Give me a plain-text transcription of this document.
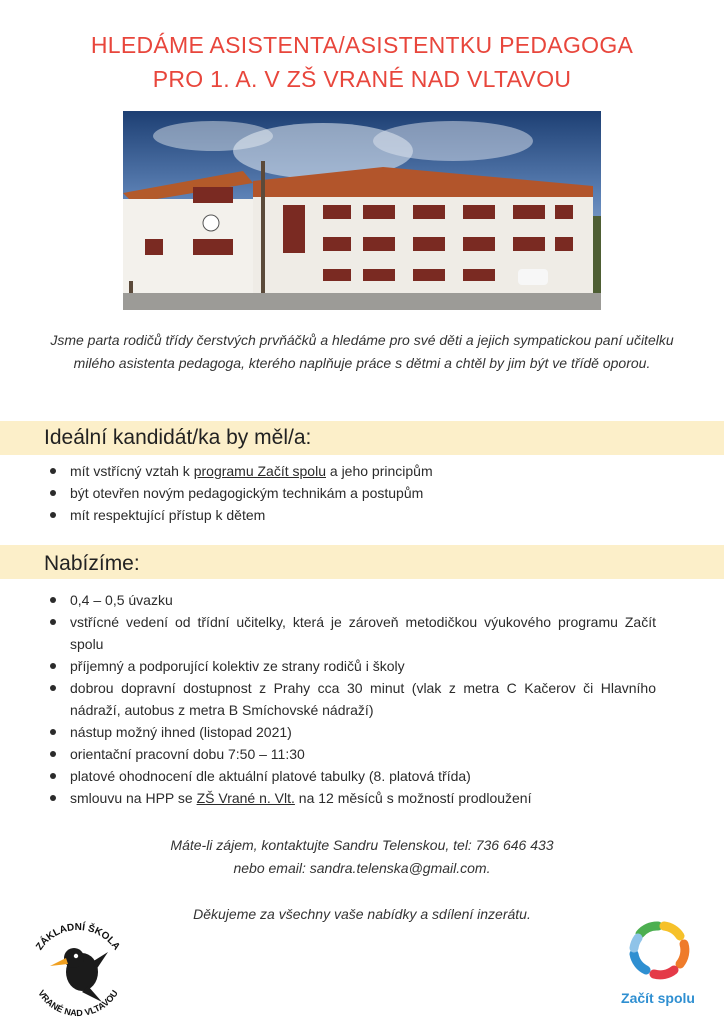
HLEDÁME ASISTENTA/ASISTENTKU PEDAGOGA
PRO 1. A. V ZŠ VRANÉ NAD VLTAVOU
Jsme parta rodičů třídy čerstvých prvňáčků a hledáme pro své děti a jejich sympatickou paní učitelku milého asistenta pedagoga, kterého naplňuje práce s dětmi a chtěl by jim být ve třídě oporou.
Ideální kandidát/ka by měl/a:
mít vstřícný vztah k programu Začít spolu a jeho principům
být otevřen novým pedagogickým technikám a postupům
mít respektující přístup k dětem
Nabízíme:
0,4 – 0,5 úvazku
vstřícné vedení od třídní učitelky, která je zároveň metodičkou výukového programu Začít spolu
příjemný a podporující kolektiv ze strany rodičů i školy
dobrou dopravní dostupnost z Prahy cca 30 minut (vlak z metra C Kačerov či Hlavního nádraží, autobus z metra B Smíchovské nádraží)
nástup možný ihned (listopad 2021)
orientační pracovní dobu 7:50 – 11:30
platové ohodnocení dle aktuální platové tabulky (8. platová třída)
smlouvu na HPP se ZŠ Vrané n. Vlt. na 12 měsíců s možností prodloužení
Máte-li zájem, kontaktujte Sandru Telenskou, tel: 736 646 433
nebo email: sandra.telenska@gmail.com.
Děkujeme za všechny vaše nabídky a sdílení inzerátu.
ZÁKLADNÍ ŠKOLA
VRANÉ NAD VLTAVOU	Začít spolu
